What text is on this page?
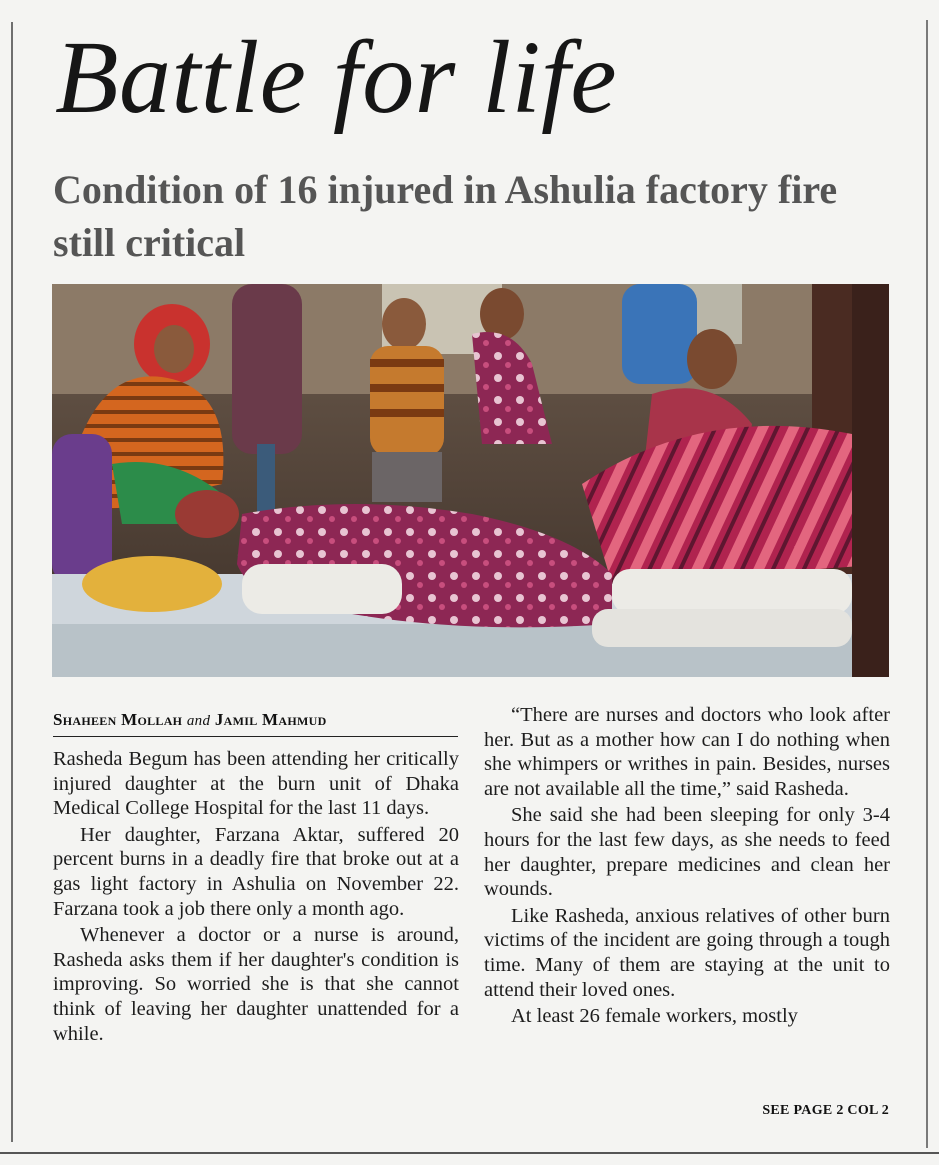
Battle for life
Condition of 16 injured in Ashulia factory fire still critical
Shaheen Mollah and Jamil Mahmud

Rasheda Begum has been attending her critically injured daughter at the burn unit of Dhaka Medical College Hospital for the last 11 days.

Her daughter, Farzana Aktar, suffered 20 percent burns in a deadly fire that broke out at a gas light factory in Ashulia on November 22. Farzana took a job there only a month ago.

Whenever a doctor or a nurse is around, Rasheda asks them if her daughter's condition is improving. So worried she is that she cannot think of leaving her daughter unattended for a while.

“There are nurses and doctors who look after her. But as a mother how can I do nothing when she whimpers or writhes in pain. Besides, nurses are not available all the time,” said Rasheda.

She said she had been sleeping for only 3-4 hours for the last few days, as she needs to feed her daughter, prepare medicines and clean her wounds.

Like Rasheda, anxious relatives of other burn victims of the incident are going through a tough time. Many of them are staying at the unit to attend their loved ones.

At least 26 female workers, mostly

SEE PAGE 2 COL 2
